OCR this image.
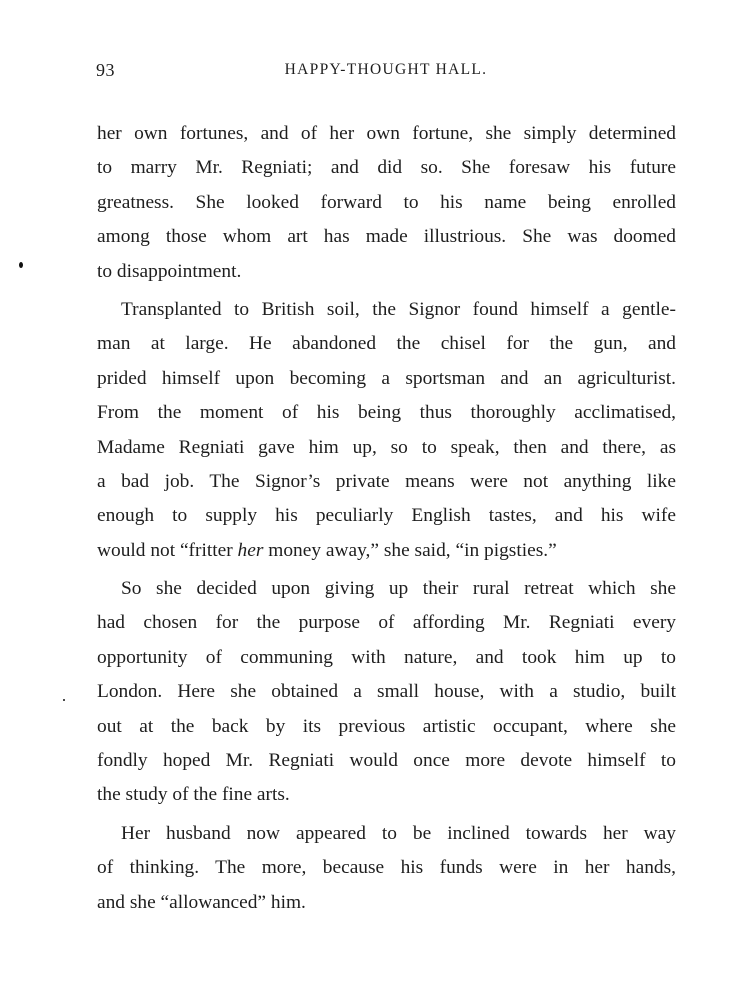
93	HAPPY-THOUGHT HALL.
her own fortunes, and of her own fortune, she simply determined
to marry Mr. Regniati; and did so. She foresaw his future
greatness. She looked forward to his name being enrolled
among those whom art has made illustrious. She was doomed
to disappointment.
Transplanted to British soil, the Signor found himself a gentle-
man at large. He abandoned the chisel for the gun, and
prided himself upon becoming a sportsman and an agriculturist.
From the moment of his being thus thoroughly acclimatised,
Madame Regniati gave him up, so to speak, then and there, as
a bad job. The Signor’s private means were not anything like
enough to supply his peculiarly English tastes, and his wife
would not “fritter her money away,” she said, “in pigsties.”
So she decided upon giving up their rural retreat which she
had chosen for the purpose of affording Mr. Regniati every
opportunity of communing with nature, and took him up to
London. Here she obtained a small house, with a studio, built
out at the back by its previous artistic occupant, where she
fondly hoped Mr. Regniati would once more devote himself to
the study of the fine arts.
Her husband now appeared to be inclined towards her way
of thinking. The more, because his funds were in her hands,
and she “allowanced” him.
